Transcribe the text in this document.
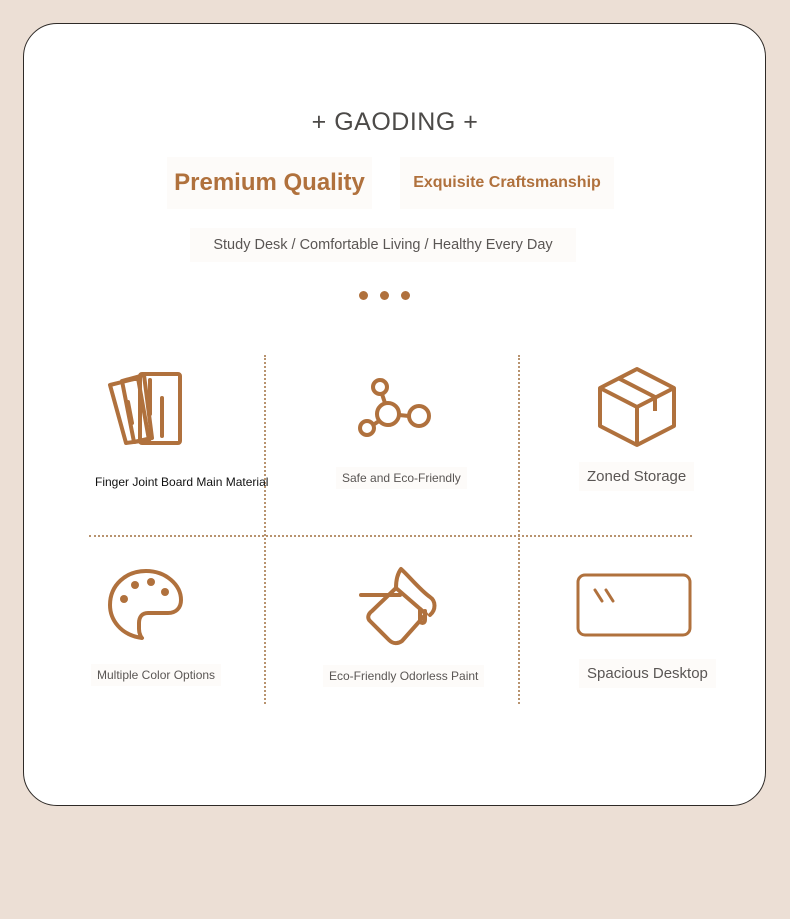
+ GAODING +
Premium Quality	Exquisite Craftsmanship
Study Desk / Comfortable Living / Healthy Every Day
Finger Joint Board Main Material	Safe and Eco-Friendly	Zoned Storage
Multiple Color Options	Eco-Friendly Odorless Paint	Spacious Desktop
